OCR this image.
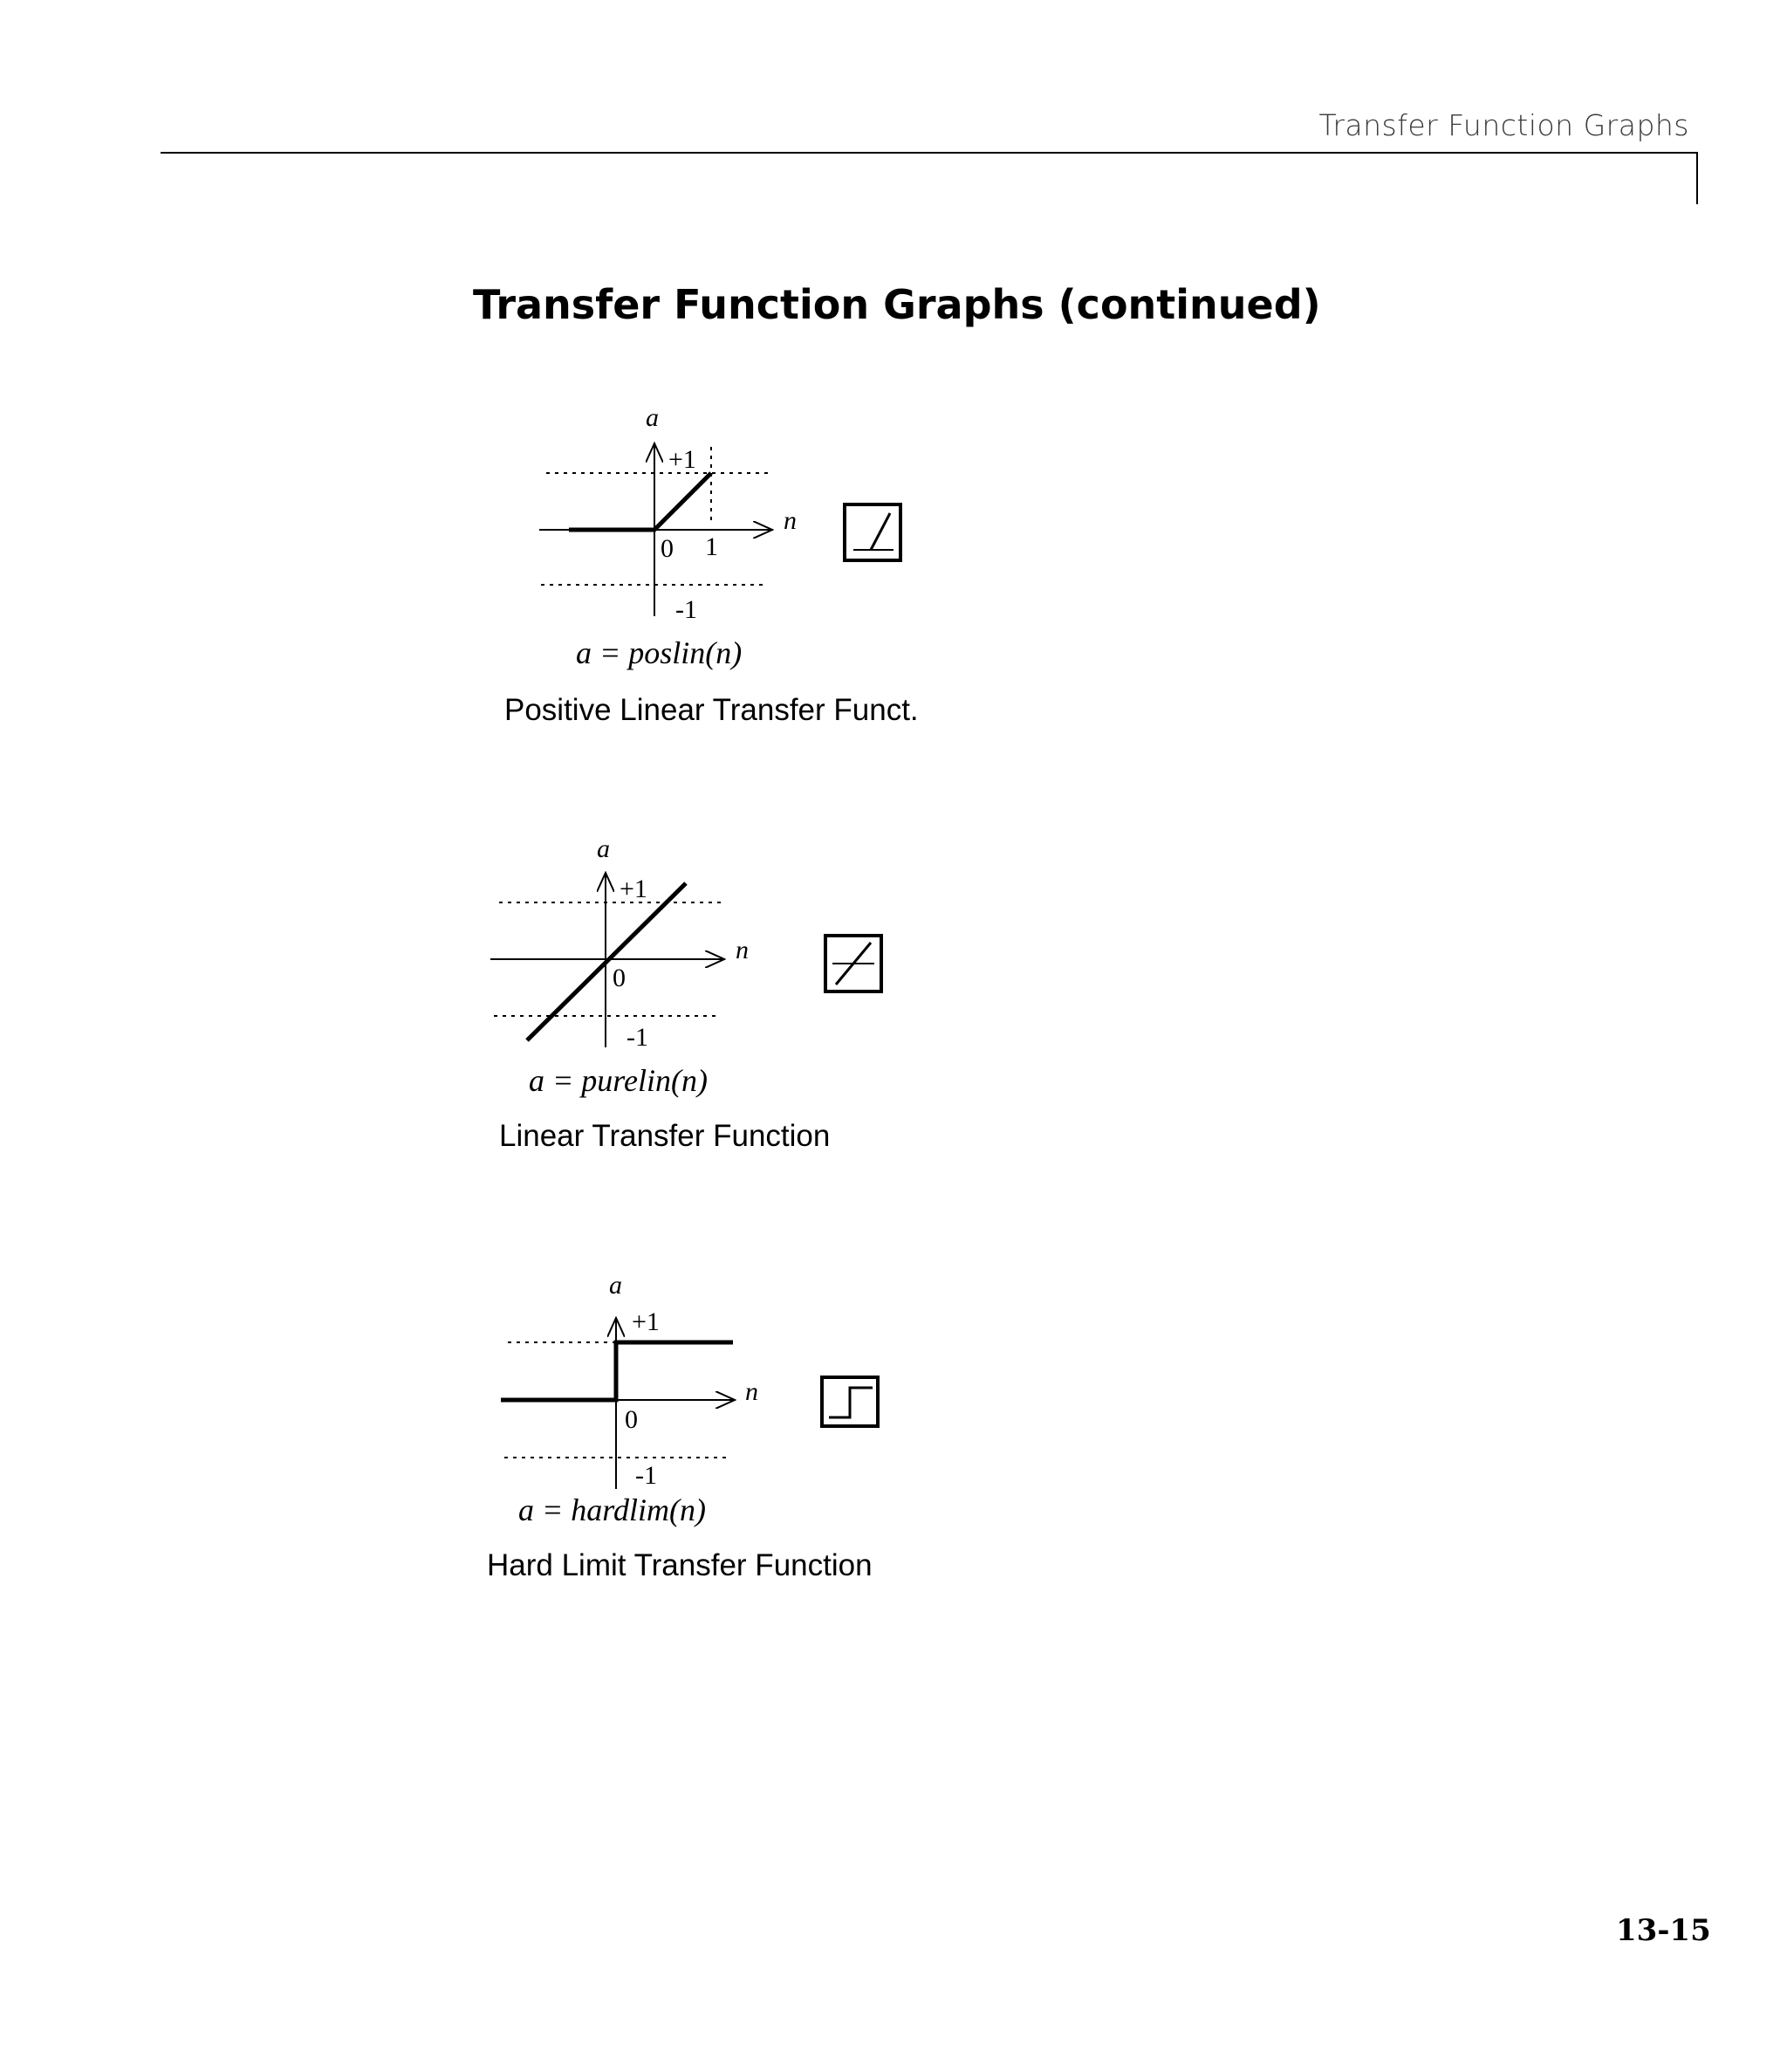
Transfer Function Graphs
Transfer Function Graphs (continued)
a
n
+1
0 1
-1
a = poslin(n)
Positive Linear Transfer Funct.
a
n
+1
0
-1
a = purelin(n)
Linear Transfer Function
a
n
+1
0
-1
a = hardlim(n)
Hard Limit Transfer Function
13-15
